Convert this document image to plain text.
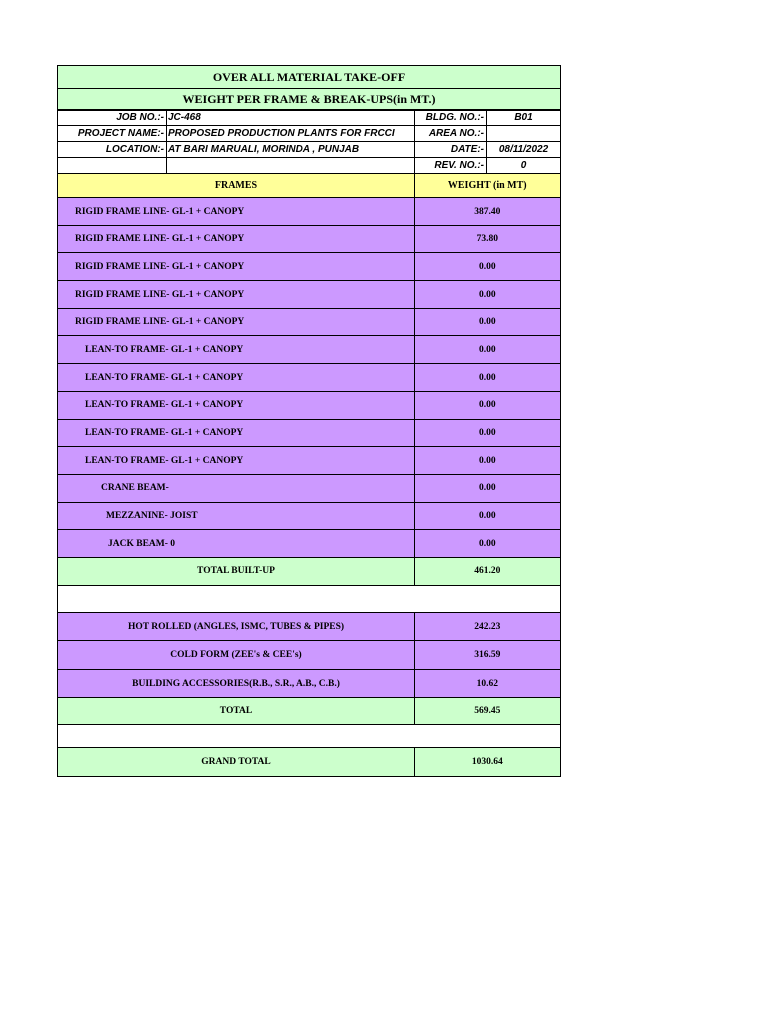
OVER ALL MATERIAL TAKE-OFF
WEIGHT PER FRAME & BREAK-UPS(in MT.)
JOB NO.:- JC-468	BLDG. NO.:-	B01
PROJECT NAME:- PROPOSED PRODUCTION PLANTS FOR FRCCI	AREA NO.:-
LOCATION:- AT BARI MARUALI, MORINDA , PUNJAB	DATE:-	08/11/2022
REV. NO.:-	0
FRAMES	WEIGHT (in MT)
RIGID FRAME LINE- GL-1 + CANOPY	387.40
RIGID FRAME LINE- GL-1 + CANOPY	73.80
RIGID FRAME LINE- GL-1 + CANOPY	0.00
RIGID FRAME LINE- GL-1 + CANOPY	0.00
RIGID FRAME LINE- GL-1 + CANOPY	0.00
LEAN-TO FRAME- GL-1 + CANOPY	0.00
LEAN-TO FRAME- GL-1 + CANOPY	0.00
LEAN-TO FRAME- GL-1 + CANOPY	0.00
LEAN-TO FRAME- GL-1 + CANOPY	0.00
LEAN-TO FRAME- GL-1 + CANOPY	0.00
CRANE BEAM-	0.00
MEZZANINE- JOIST	0.00
JACK BEAM- 0	0.00
TOTAL BUILT-UP	461.20
HOT ROLLED (ANGLES, ISMC, TUBES & PIPES)	242.23
COLD FORM (ZEE's & CEE's)	316.59
BUILDING ACCESSORIES(R.B., S.R., A.B., C.B.)	10.62
TOTAL	569.45
GRAND TOTAL	1030.64
